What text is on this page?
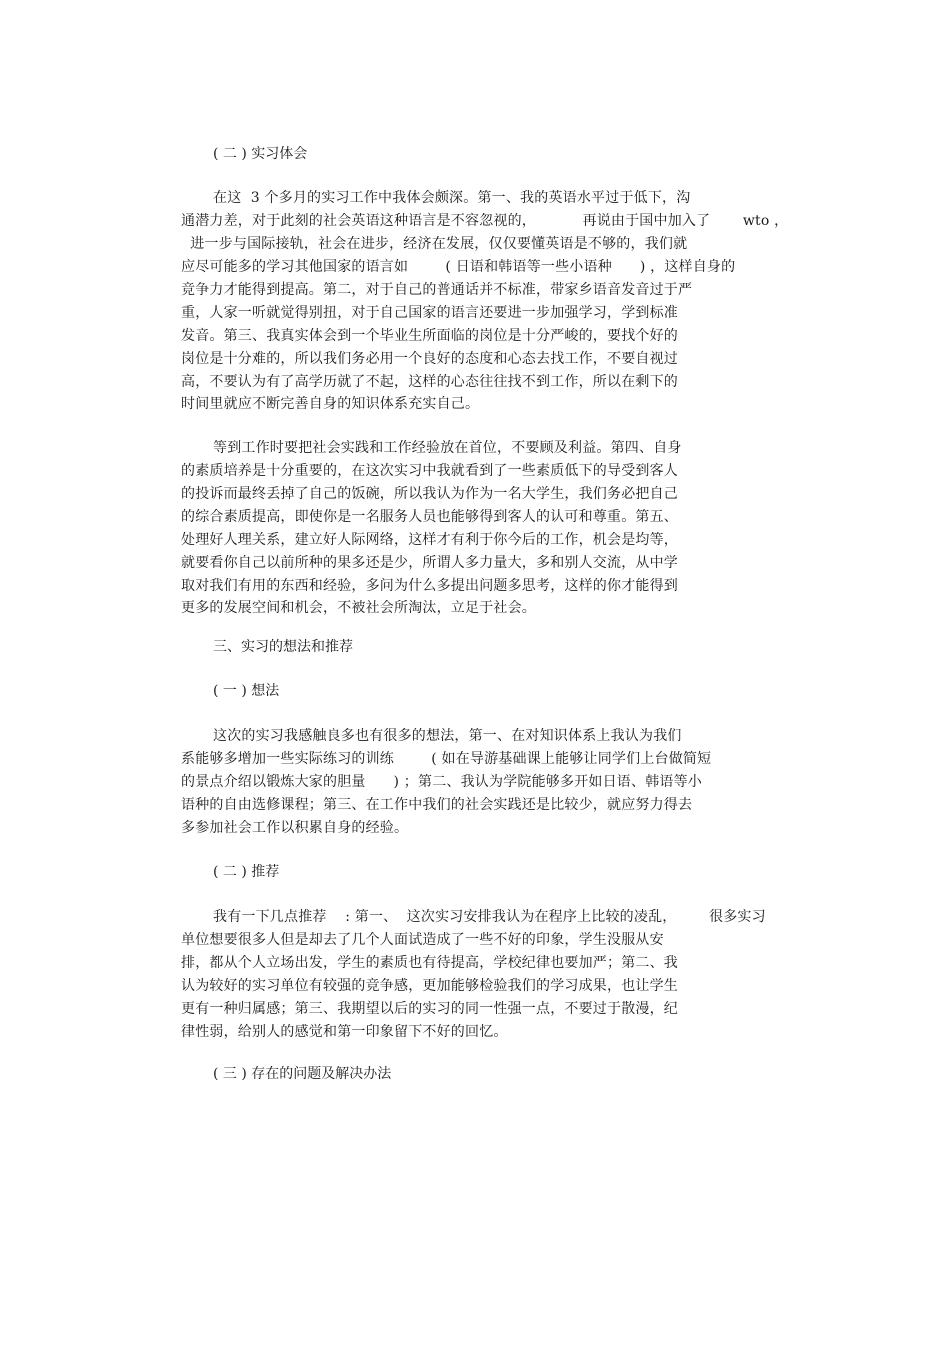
( 二 ) 实习体会
在这  3 个多月的实习工作中我体会颇深。第一、我的英语水平过于低下，沟
通潜力差，对于此刻的社会英语这种语言是不容忽视的，          再说由于国中加入了       wto ，
进一步与国际接轨，社会在进步，经济在发展，仅仅要懂英语是不够的，我们就
应尽可能多的学习其他国家的语言如        ( 日语和韩语等一些小语种      ) ，这样自身的
竞争力才能得到提高。第二，对于自己的普通话并不标准，带家乡语音发音过于严
重，人家一听就觉得别扭，对于自己国家的语言还要进一步加强学习，学到标准
发音。第三、我真实体会到一个毕业生所面临的岗位是十分严峻的，要找个好的
岗位是十分难的，所以我们务必用一个良好的态度和心态去找工作，不要自视过
高，不要认为有了高学历就了不起，这样的心态往往找不到工作，所以在剩下的
时间里就应不断完善自身的知识体系充实自己。
等到工作时要把社会实践和工作经验放在首位，不要顾及利益。第四、自身
的素质培养是十分重要的，在这次实习中我就看到了一些素质低下的导受到客人
的投诉而最终丢掉了自己的饭碗，所以我认为作为一名大学生，我们务必把自己
的综合素质提高，即使你是一名服务人员也能够得到客人的认可和尊重。第五、
处理好人理关系，建立好人际网络，这样才有利于你今后的工作，机会是均等，
就要看你自己以前所种的果多还是少，所谓人多力量大，多和别人交流，从中学
取对我们有用的东西和经验，多问为什么多提出问题多思考，这样的你才能得到
更多的发展空间和机会，不被社会所淘汰，立足于社会。
三、实习的想法和推荐
( 一 ) 想法
这次的实习我感触良多也有很多的想法，第一、在对知识体系上我认为我们
系能够多增加一些实际练习的训练        ( 如在导游基础课上能够让同学们上台做简短
的景点介绍以锻炼大家的胆量      ) ；第二、我认为学院能够多开如日语、韩语等小
语种的自由选修课程；第三、在工作中我们的社会实践还是比较少，就应努力得去
多参加社会工作以积累自身的经验。
( 二 ) 推荐
我有一下几点推荐    : 第一、  这次实习安排我认为在程序上比较的凌乱，       很多实习
单位想要很多人但是却去了几个人面试造成了一些不好的印象，学生没服从安
排，都从个人立场出发，学生的素质也有待提高，学校纪律也要加严；第二、我
认为较好的实习单位有较强的竞争感，更加能够检验我们的学习成果，也让学生
更有一种归属感；第三、我期望以后的实习的同一性强一点，不要过于散漫，纪
律性弱，给别人的感觉和第一印象留下不好的回忆。
( 三 ) 存在的问题及解决办法
